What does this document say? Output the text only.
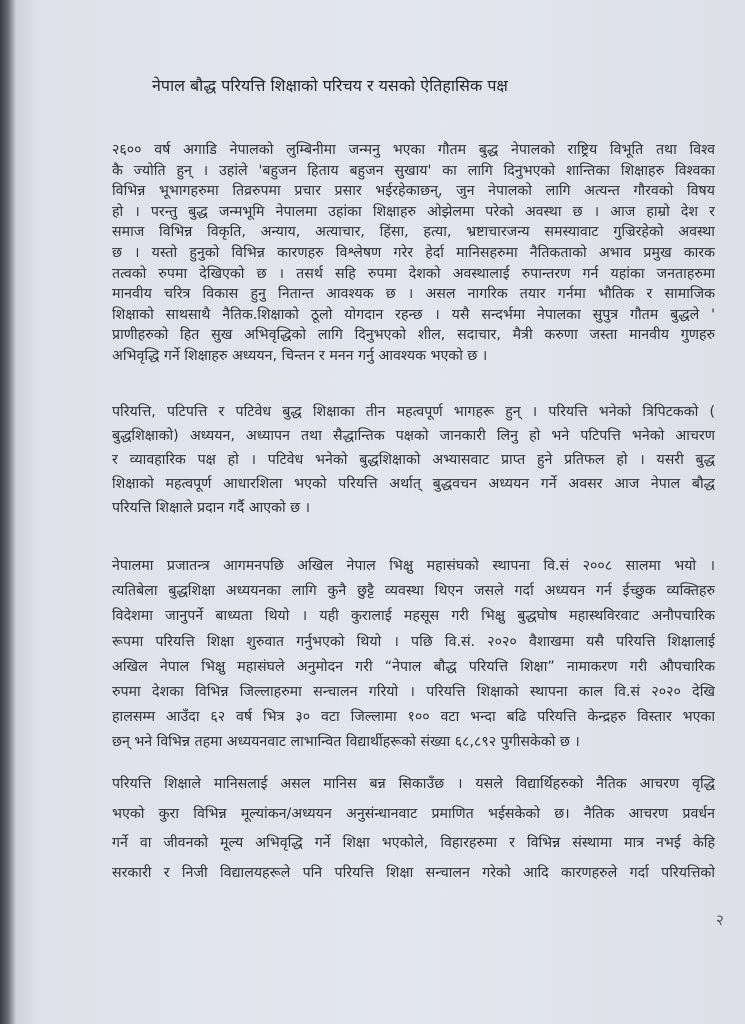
नेपाल बौद्ध परियत्ति शिक्षाको परिचय र यसको ऐतिहासिक पक्ष
२६०० वर्ष अगाडि नेपालको लुम्बिनीमा जन्मनु भएका गौतम बुद्ध नेपालको राष्ट्रिय विभूति तथा विश्व
कै ज्योति हुन् । उहांले 'बहुजन हिताय बहुजन सुखाय' का लागि दिनुभएको शान्तिका शिक्षाहरु विश्वका
विभिन्न भूभागहरुमा तिव्ररुपमा प्रचार प्रसार भईरहेकाछन्, जुन नेपालको लागि अत्यन्त गौरवको विषय
हो । परन्तु बुद्ध जन्मभूमि नेपालमा उहांका शिक्षाहरु ओझेलमा परेको अवस्था छ । आज हाम्रो देश र
समाज विभिन्न विकृति, अन्याय, अत्याचार, हिंसा, हत्या, भ्रष्टाचारजन्य समस्यावाट गुज्रिरहेको अवस्था
छ । यस्तो हुनुको विभिन्न कारणहरु विश्लेषण गरेर हेर्दा मानिसहरुमा नैतिकताको अभाव प्रमुख कारक
तत्वको रुपमा देखिएको छ । तसर्थ सहि रुपमा देशको अवस्थालाई रुपान्तरण गर्न यहांका जनताहरुमा
मानवीय चरित्र विकास हुनु नितान्त आवश्यक छ । असल नागरिक तयार गर्नमा भौतिक र सामाजिक
शिक्षाको साथसाथै नैतिक.शिक्षाको ठूलो योगदान रहन्छ । यसै सन्दर्भमा नेपालका सुपुत्र गौतम बुद्धले '
प्राणीहरुको हित सुख अभिवृद्धिको लागि दिनुभएको शील, सदाचार, मैत्री करुणा जस्ता मानवीय गुणहरु
अभिवृद्धि गर्ने शिक्षाहरु अध्ययन, चिन्तन र मनन गर्नु आवश्यक भएको छ ।
परियत्ति, पटिपत्ति र पटिवेध बुद्ध शिक्षाका तीन महत्वपूर्ण भागहरू हुन् । परियत्ति भनेको त्रिपिटकको (
बुद्धशिक्षाको) अध्ययन, अध्यापन तथा सैद्धान्तिक पक्षको जानकारी लिनु हो भने पटिपत्ति भनेको आचरण
र व्यावहारिक पक्ष हो । पटिवेध भनेको बुद्धशिक्षाको अभ्यासवाट प्राप्त हुने प्रतिफल हो । यसरी बुद्ध
शिक्षाको महत्वपूर्ण आधारशिला भएको परियत्ति अर्थात् बुद्धवचन अध्ययन गर्ने अवसर आज नेपाल बौद्ध
परियत्ति शिक्षाले प्रदान गर्दै आएको छ ।
नेपालमा प्रजातन्त्र आगमनपछि अखिल नेपाल भिक्षु महासंघको स्थापना वि.सं २००८ सालमा भयो ।
त्यतिबेला बुद्धशिक्षा अध्ययनका लागि कुनै छुट्टै व्यवस्था थिएन जसले गर्दा अध्ययन गर्न ईच्छुक व्यक्तिहरु
विदेशमा जानुपर्ने बाध्यता थियो । यही कुरालाई महसूस गरी भिक्षु बुद्धघोष महास्थविरवाट अनौपचारिक
रूपमा परियत्ति शिक्षा शुरुवात गर्नुभएको थियो । पछि वि.सं. २०२० वैशाखमा यसै परियत्ति शिक्षालाई
अखिल नेपाल भिक्षु महासंघले अनुमोदन गरी “नेपाल बौद्ध परियत्ति शिक्षा” नामाकरण गरी औपचारिक
रुपमा देशका विभिन्न जिल्लाहरुमा सन्चालन गरियो । परियत्ति शिक्षाको स्थापना काल वि.सं २०२० देखि
हालसम्म आउँदा ६२ वर्ष भित्र ३० वटा जिल्लामा १०० वटा भन्दा बढि परियत्ति केन्द्रहरु विस्तार भएका
छन् भने विभिन्न तहमा अध्ययनवाट लाभान्वित विद्यार्थीहरूको संख्या ६८,८९२ पुगीसकेको छ ।
परियत्ति शिक्षाले मानिसलाई असल मानिस बन्न सिकाउँछ । यसले विद्यार्थिहरुको नैतिक आचरण वृद्धि
भएको कुरा विभिन्न मूल्यांकन/अध्ययन अनुसंन्धानवाट प्रमाणित भईसकेको छ। नैतिक आचरण प्रवर्धन
गर्ने वा जीवनको मूल्य अभिवृद्धि गर्ने शिक्षा भएकोले, विहारहरुमा र विभिन्न संस्थामा मात्र नभई केहि
सरकारी र निजी विद्यालयहरूले पनि परियत्ति शिक्षा सन्चालन गरेको आदि कारणहरुले गर्दा परियत्तिको
२
